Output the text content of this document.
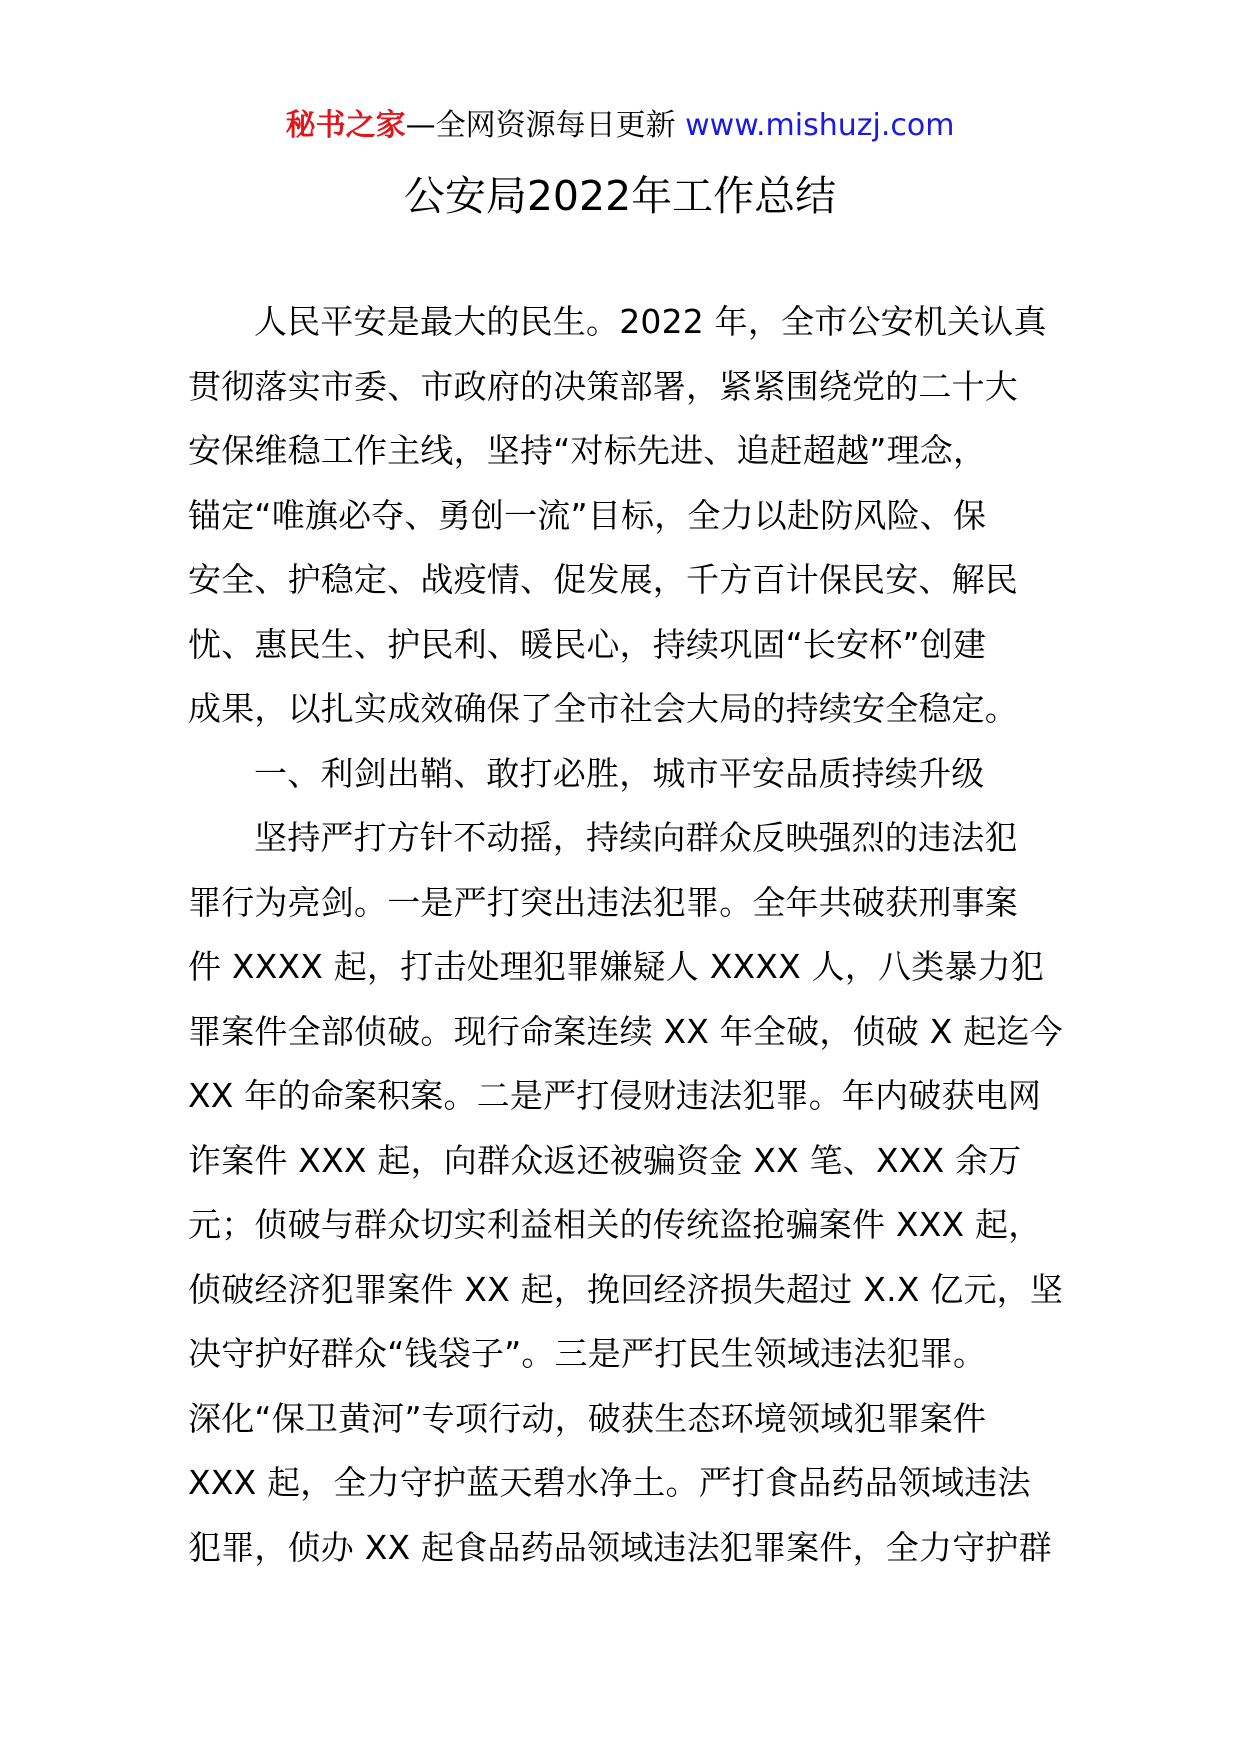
秘书之家—全网资源每日更新 www.mishuzj.com
公安局2022年工作总结
人民平安是最大的民生。2022 年，全市公安机关认真
贯彻落实市委、市政府的决策部署，紧紧围绕党的二十大
安保维稳工作主线，坚持“对标先进、追赶超越”理念，
锚定“唯旗必夺、勇创一流”目标，全力以赴防风险、保
安全、护稳定、战疫情、促发展，千方百计保民安、解民
忧、惠民生、护民利、暖民心，持续巩固“长安杯”创建
成果，以扎实成效确保了全市社会大局的持续安全稳定。
一、利剑出鞘、敢打必胜，城市平安品质持续升级
坚持严打方针不动摇，持续向群众反映强烈的违法犯
罪行为亮剑。一是严打突出违法犯罪。全年共破获刑事案
件 XXXX 起，打击处理犯罪嫌疑人 XXXX 人，八类暴力犯
罪案件全部侦破。现行命案连续 XX 年全破，侦破 X 起迄今
XX 年的命案积案。二是严打侵财违法犯罪。年内破获电网
诈案件 XXX 起，向群众返还被骗资金 XX 笔、XXX 余万
元；侦破与群众切实利益相关的传统盗抢骗案件 XXX 起，
侦破经济犯罪案件 XX 起，挽回经济损失超过 X.X 亿元，坚
决守护好群众“钱袋子”。三是严打民生领域违法犯罪。
深化“保卫黄河”专项行动，破获生态环境领域犯罪案件
XXX 起，全力守护蓝天碧水净土。严打食品药品领域违法
犯罪，侦办 XX 起食品药品领域违法犯罪案件，全力守护群
